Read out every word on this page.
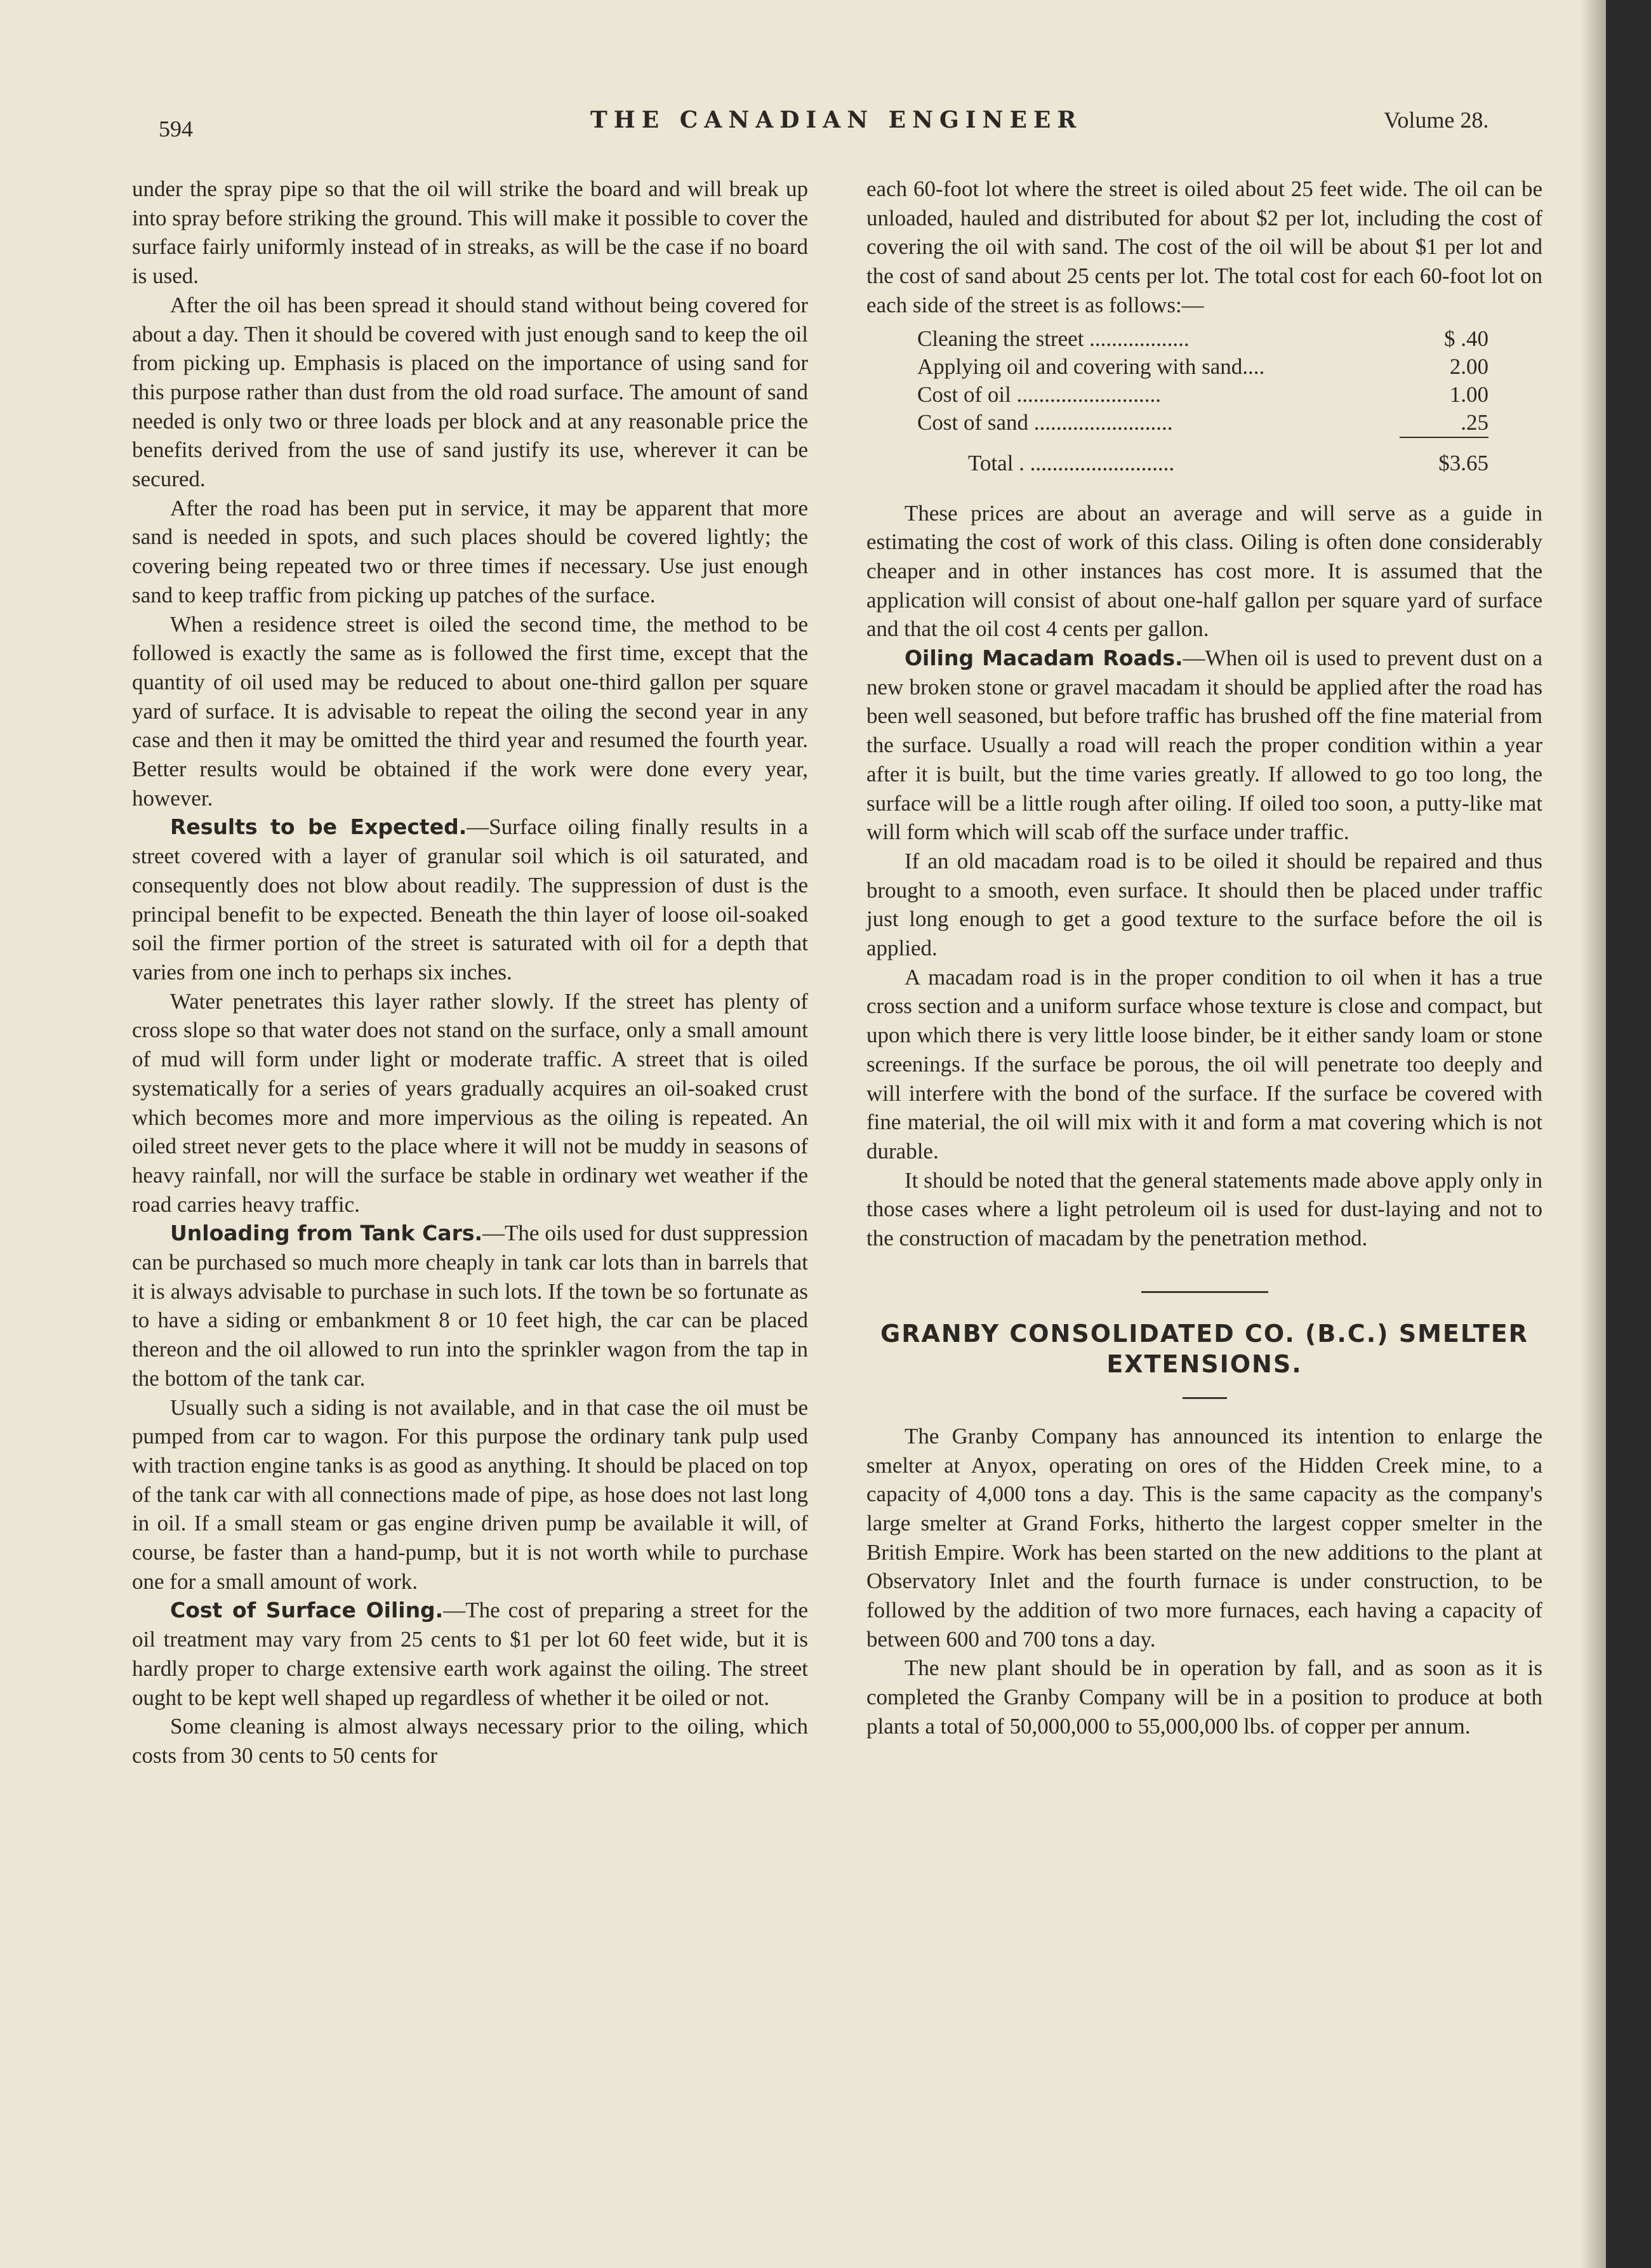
594	THE CANADIAN ENGINEER	Volume 28.

under the spray pipe so that the oil will strike the board and will break up into spray before striking the ground. This will make it possible to cover the surface fairly uniformly instead of in streaks, as will be the case if no board is used.

After the oil has been spread it should stand without being covered for about a day. Then it should be covered with just enough sand to keep the oil from picking up. Emphasis is placed on the importance of using sand for this purpose rather than dust from the old road surface. The amount of sand needed is only two or three loads per block and at any reasonable price the benefits derived from the use of sand justify its use, wherever it can be secured.

After the road has been put in service, it may be apparent that more sand is needed in spots, and such places should be covered lightly; the covering being repeated two or three times if necessary. Use just enough sand to keep traffic from picking up patches of the surface.

When a residence street is oiled the second time, the method to be followed is exactly the same as is followed the first time, except that the quantity of oil used may be reduced to about one-third gallon per square yard of surface. It is advisable to repeat the oiling the second year in any case and then it may be omitted the third year and resumed the fourth year. Better results would be obtained if the work were done every year, however.

Results to be Expected.—Surface oiling finally results in a street covered with a layer of granular soil which is oil saturated, and consequently does not blow about readily. The suppression of dust is the principal benefit to be expected. Beneath the thin layer of loose oil-soaked soil the firmer portion of the street is saturated with oil for a depth that varies from one inch to perhaps six inches.

Water penetrates this layer rather slowly. If the street has plenty of cross slope so that water does not stand on the surface, only a small amount of mud will form under light or moderate traffic. A street that is oiled systematically for a series of years gradually acquires an oil-soaked crust which becomes more and more impervious as the oiling is repeated. An oiled street never gets to the place where it will not be muddy in seasons of heavy rainfall, nor will the surface be stable in ordinary wet weather if the road carries heavy traffic.

Unloading from Tank Cars.—The oils used for dust suppression can be purchased so much more cheaply in tank car lots than in barrels that it is always advisable to purchase in such lots. If the town be so fortunate as to have a siding or embankment 8 or 10 feet high, the car can be placed thereon and the oil allowed to run into the sprinkler wagon from the tap in the bottom of the tank car.

Usually such a siding is not available, and in that case the oil must be pumped from car to wagon. For this purpose the ordinary tank pulp used with traction engine tanks is as good as anything. It should be placed on top of the tank car with all connections made of pipe, as hose does not last long in oil. If a small steam or gas engine driven pump be available it will, of course, be faster than a hand-pump, but it is not worth while to purchase one for a small amount of work.

Cost of Surface Oiling.—The cost of preparing a street for the oil treatment may vary from 25 cents to $1 per lot 60 feet wide, but it is hardly proper to charge extensive earth work against the oiling. The street ought to be kept well shaped up regardless of whether it be oiled or not.

Some cleaning is almost always necessary prior to the oiling, which costs from 30 cents to 50 cents for

each 60-foot lot where the street is oiled about 25 feet wide. The oil can be unloaded, hauled and distributed for about $2 per lot, including the cost of covering the oil with sand. The cost of the oil will be about $1 per lot and the cost of sand about 25 cents per lot. The total cost for each 60-foot lot on each side of the street is as follows:—

Cleaning the street ..................	$ .40
Applying oil and covering with sand....	2.00
Cost of oil ..........................	1.00
Cost of sand .........................	.25

Total . ..........................	$3.65

These prices are about an average and will serve as a guide in estimating the cost of work of this class. Oiling is often done considerably cheaper and in other instances has cost more. It is assumed that the application will consist of about one-half gallon per square yard of surface and that the oil cost 4 cents per gallon.

Oiling Macadam Roads.—When oil is used to prevent dust on a new broken stone or gravel macadam it should be applied after the road has been well seasoned, but before traffic has brushed off the fine material from the surface. Usually a road will reach the proper condition within a year after it is built, but the time varies greatly. If allowed to go too long, the surface will be a little rough after oiling. If oiled too soon, a putty-like mat will form which will scab off the surface under traffic.

If an old macadam road is to be oiled it should be repaired and thus brought to a smooth, even surface. It should then be placed under traffic just long enough to get a good texture to the surface before the oil is applied.

A macadam road is in the proper condition to oil when it has a true cross section and a uniform surface whose texture is close and compact, but upon which there is very little loose binder, be it either sandy loam or stone screenings. If the surface be porous, the oil will penetrate too deeply and will interfere with the bond of the surface. If the surface be covered with fine material, the oil will mix with it and form a mat covering which is not durable.

It should be noted that the general statements made above apply only in those cases where a light petroleum oil is used for dust-laying and not to the construction of macadam by the penetration method.

GRANBY CONSOLIDATED CO. (B.C.) SMELTER
EXTENSIONS.

The Granby Company has announced its intention to enlarge the smelter at Anyox, operating on ores of the Hidden Creek mine, to a capacity of 4,000 tons a day. This is the same capacity as the company's large smelter at Grand Forks, hitherto the largest copper smelter in the British Empire. Work has been started on the new additions to the plant at Observatory Inlet and the fourth furnace is under construction, to be followed by the addition of two more furnaces, each having a capacity of between 600 and 700 tons a day.

The new plant should be in operation by fall, and as soon as it is completed the Granby Company will be in a position to produce at both plants a total of 50,000,000 to 55,000,000 lbs. of copper per annum.
